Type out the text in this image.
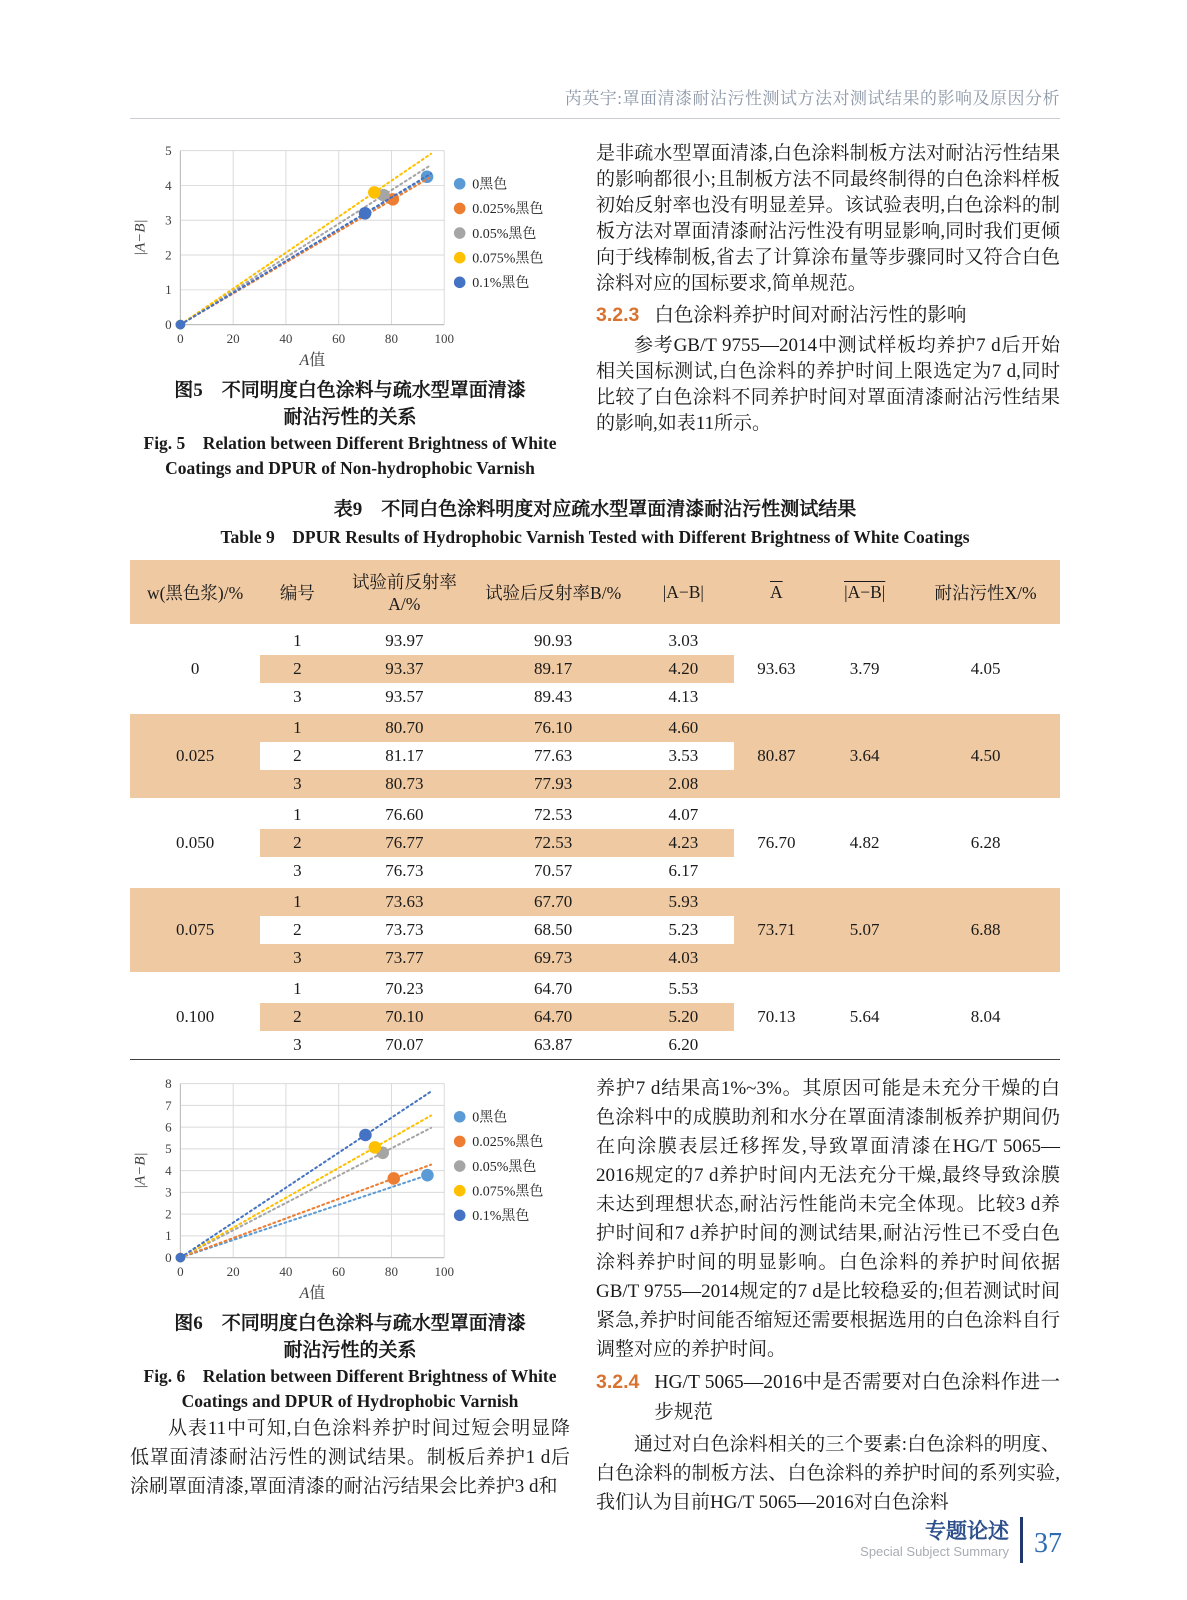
芮英宇:罩面清漆耐沾污性测试方法对测试结果的影响及原因分析
0	20	40	60	80	100
0
1
2
3
4
5
|A−B|
A值
0黑色
0.025%黑色
0.05%黑色
0.075%黑色
0.1%黑色
图5　不同明度白色涂料与疏水型罩面清漆
耐沾污性的关系
Fig. 5　Relation between Different Brightness of White
Coatings and DPUR of Non-hydrophobic Varnish

是非疏水型罩面清漆,白色涂料制板方法对耐沾污性结果的影响都很小;且制板方法不同最终制得的白色涂料样板初始反射率也没有明显差异。该试验表明,白色涂料的制板方法对罩面清漆耐沾污性没有明显影响,同时我们更倾向于线棒制板,省去了计算涂布量等步骤同时又符合白色涂料对应的国标要求,简单规范。

3.2.3 白色涂料养护时间对耐沾污性的影响

参考GB/T 9755—2014中测试样板均养护7 d后开始相关国标测试,白色涂料的养护时间上限选定为7 d,同时比较了白色涂料不同养护时间对罩面清漆耐沾污性结果的影响,如表11所示。

表9　不同白色涂料明度对应疏水型罩面清漆耐沾污性测试结果
Table 9　DPUR Results of Hydrophobic Varnish Tested with Different Brightness of White Coatings
w(黑色浆)/%	编号	试验前反射率A/%	试验后反射率B/%	|A−B|	$\overline{A}$	|A−B|	耐沾污性X/%
0	1	93.97	90.93	3.03	93.63	3.79	4.05
	2	93.37	89.17	4.20			
	3	93.57	89.43	4.13			
0.025	1	80.70	76.10	4.60	80.87	3.64	4.50
	2	81.17	77.63	3.53			
	3	80.73	77.93	2.08			
0.050	1	76.60	72.53	4.07	76.70	4.82	6.28
	2	76.77	72.53	4.23			
	3	76.73	70.57	6.17			
0.075	1	73.63	67.70	5.93	73.71	5.07	6.88
	2	73.73	68.50	5.23			
	3	73.77	69.73	4.03			
0.100	1	70.23	64.70	5.53	70.13	5.64	8.04
	2	70.10	64.70	5.20			
	3	70.07	63.87	6.20			
0	20	40	60	80	100
0
1
2
3
4
5
6
7
8
|A−B|
A值
0黑色
0.025%黑色
0.05%黑色
0.075%黑色
0.1%黑色
图6　不同明度白色涂料与疏水型罩面清漆
耐沾污性的关系
Fig. 6　Relation between Different Brightness of White
Coatings and DPUR of Hydrophobic Varnish

从表11中可知,白色涂料养护时间过短会明显降低罩面清漆耐沾污性的测试结果。制板后养护1 d后涂刷罩面清漆,罩面清漆的耐沾污结果会比养护3 d和

养护7 d结果高1%~3%。其原因可能是未充分干燥的白色涂料中的成膜助剂和水分在罩面清漆制板养护期间仍在向涂膜表层迁移挥发,导致罩面清漆在HG/T 5065—2016规定的7 d养护时间内无法充分干燥,最终导致涂膜未达到理想状态,耐沾污性能尚未完全体现。比较3 d养护时间和7 d养护时间的测试结果,耐沾污性已不受白色涂料养护时间的明显影响。白色涂料的养护时间依据GB/T 9755—2014规定的7 d是比较稳妥的;但若测试时间紧急,养护时间能否缩短还需要根据选用的白色涂料自行调整对应的养护时间。

3.2.4 HG/T 5065—2016中是否需要对白色涂料作进一步规范

通过对白色涂料相关的三个要素:白色涂料的明度、白色涂料的制板方法、白色涂料的养护时间的系列实验,我们认为目前HG/T 5065—2016对白色涂料

专题论述
Special Subject Summary 37
